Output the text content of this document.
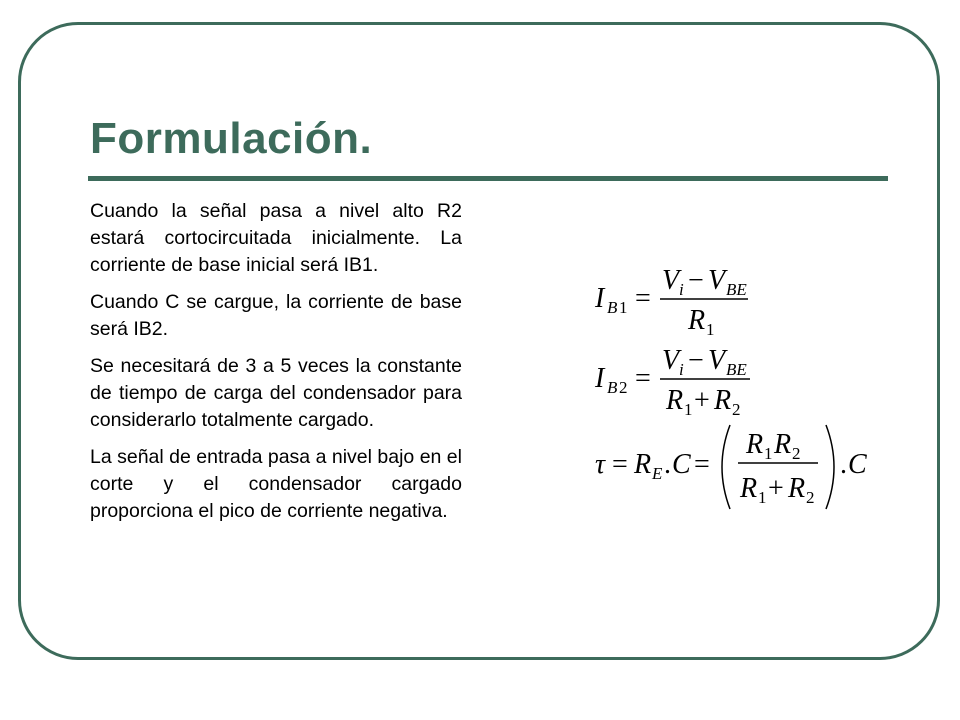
Formulación.

Cuando la señal pasa a nivel alto R2 estará cortocircuitada inicialmente. La corriente de base inicial será IB1.

Cuando C se cargue, la corriente de base será IB2.

Se necesitará de 3 a 5 veces la constante de tiempo de carga del condensador para considerarlo totalmente cargado.

La señal de entrada pasa a nivel bajo en el corte y el condensador cargado proporciona el pico de corriente negativa.

I B 1 =
V i − V BE
R 1
I B 2 =
V i − V BE
R 1 + R 2
τ = R E . C =
R 1 R 2
R 1 + R 2
. C
